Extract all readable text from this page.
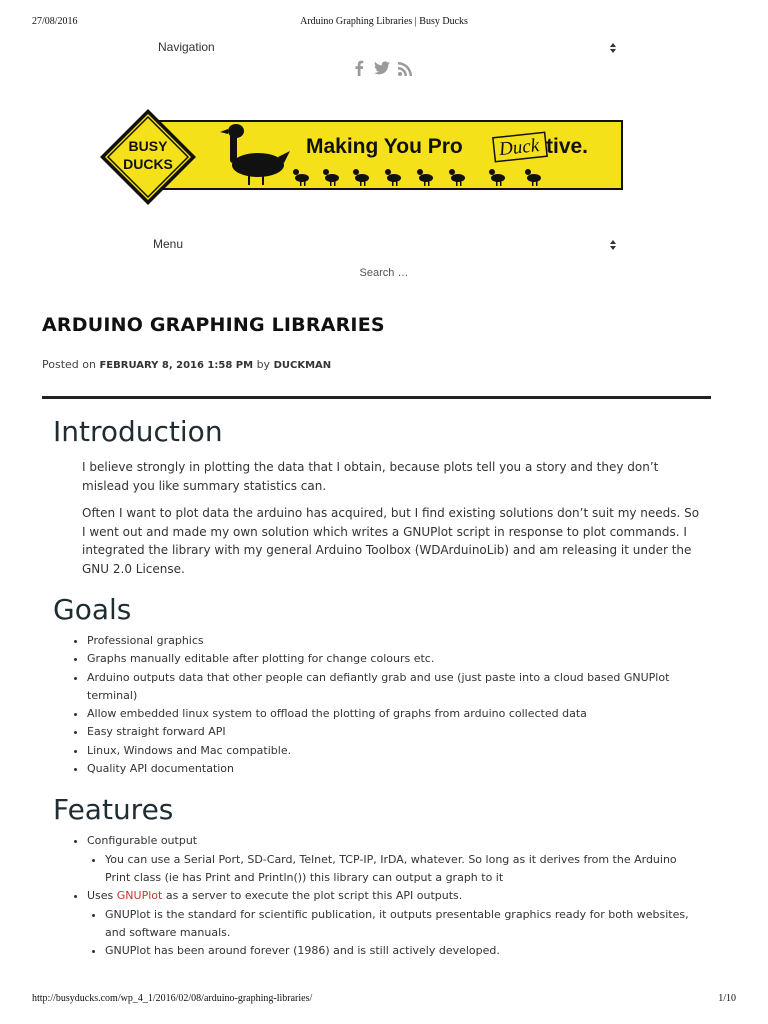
27/08/2016	Arduino Graphing Libraries | Busy Ducks
Navigation
BUSY
DUCKS
Making You Pro Duck tive.
Menu
Search …
ARDUINO GRAPHING LIBRARIES
Posted on FEBRUARY 8, 2016 1:58 PM by DUCKMAN
Introduction

I believe strongly in plotting the data that I obtain, because plots tell you a story and they don’t mislead you like summary statistics can.

Often I want to plot data the arduino has acquired, but I find existing solutions don’t suit my needs. So I went out and made my own solution which writes a GNUPlot script in response to plot commands. I integrated the library with my general Arduino Toolbox (WDArduinoLib) and am releasing it under the GNU 2.0 License.

Goals
• Professional graphics
• Graphs manually editable after plotting for change colours etc.
• Arduino outputs data that other people can defiantly grab and use (just paste into a cloud based GNUPlot terminal)
• Allow embedded linux system to offload the plotting of graphs from arduino collected data
• Easy straight forward API
• Linux, Windows and Mac compatible.
• Quality API documentation
Features
• Configurable output
• You can use a Serial Port, SD-Card, Telnet, TCP-IP, IrDA, whatever. So long as it derives from the Arduino Print class (ie has Print and Println()) this library can output a graph to it
• Uses GNUPlot as a server to execute the plot script this API outputs.
• GNUPlot is the standard for scientific publication, it outputs presentable graphics ready for both websites, and software manuals.
• GNUPlot has been around forever (1986) and is still actively developed.
http://busyducks.com/wp_4_1/2016/02/08/arduino-graphing-libraries/	1/10
